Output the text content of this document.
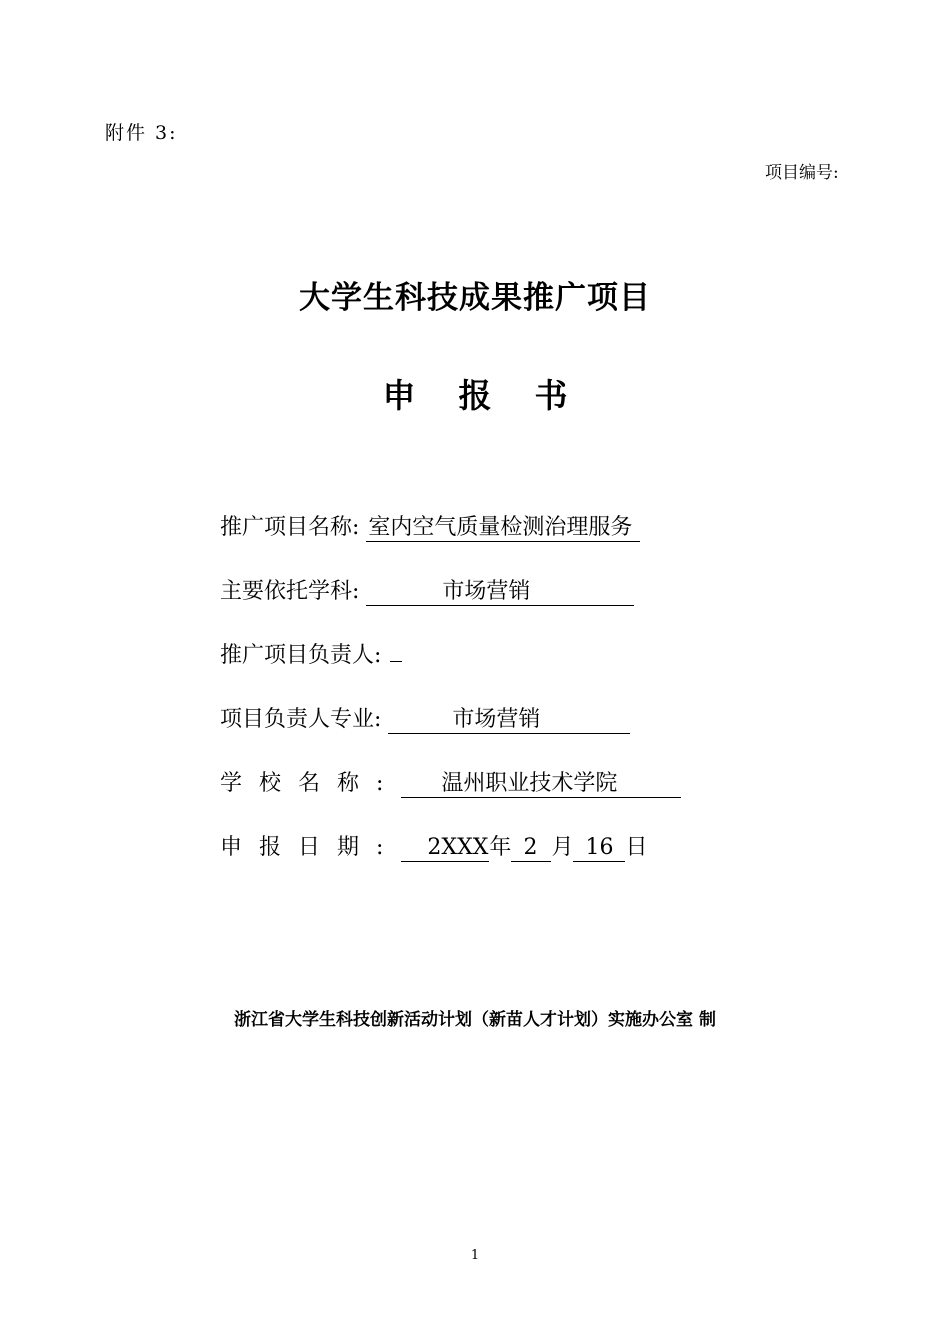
附件 3:
项目编号:
大学生科技成果推广项目
申  报  书
推广项目名称: 室内空气质量检测治理服务
主要依托学科:	市场营销
推广项目负责人:
项目负责人专业:	市场营销
学校名称: 温州职业技术学院
申报日期: 2XXX年 2 月 16 日
浙江省大学生科技创新活动计划（新苗人才计划）实施办公室 制
1
